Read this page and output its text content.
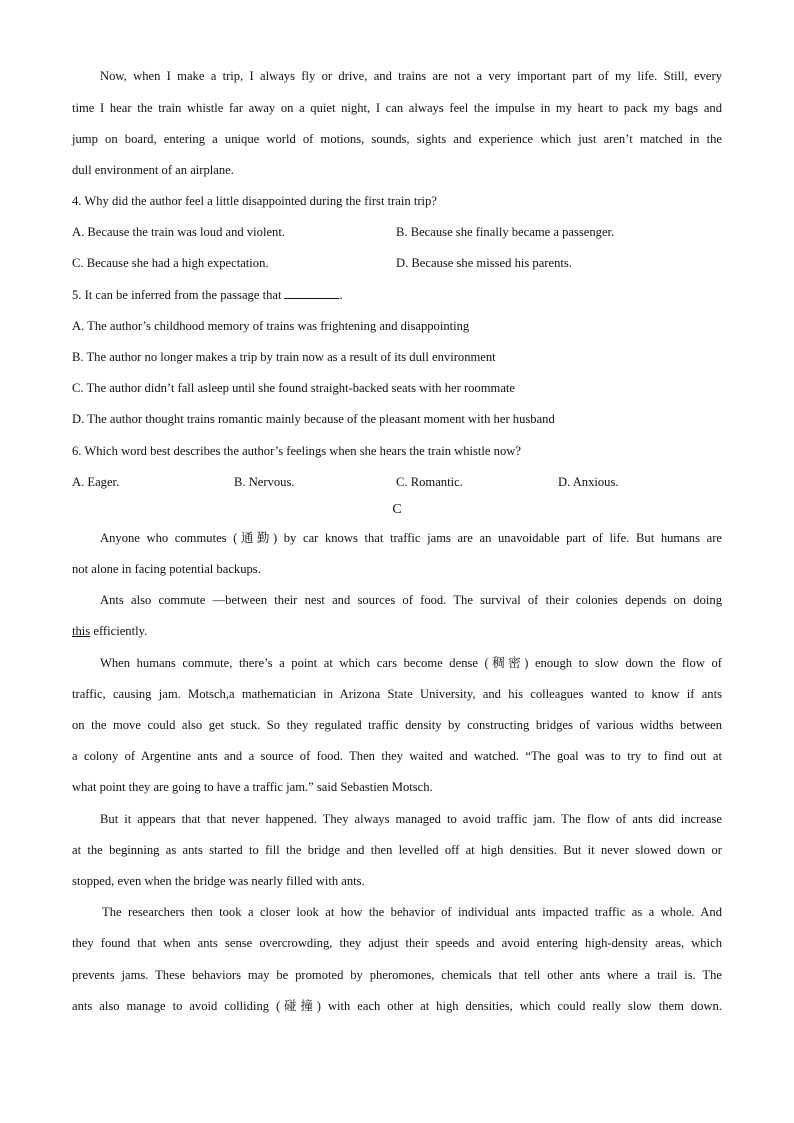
Now, when I make a trip, I always fly or drive, and trains are not a very important part of my life. Still, every
time I hear the train whistle far away on a quiet night, I can always feel the impulse in my heart to pack my bags and
jump on board, entering a unique world of motions, sounds, sights and experience which just aren’t matched in the
dull environment of an airplane.
4. Why did the author feel a little disappointed during the first train trip?
A. Because the train was loud and violent.	B. Because she finally became a passenger.
C. Because she had a high expectation.	D. Because she missed his parents.
5. It can be inferred from the passage that	.
A. The author’s childhood memory of trains was frightening and disappointing
B. The author no longer makes a trip by train now as a result of its dull environment
C. The author didn’t fall asleep until she found straight-backed seats with her roommate
D. The author thought trains romantic mainly because of the pleasant moment with her husband
6. Which word best describes the author’s feelings when she hears the train whistle now?
A. Eager.	B. Nervous.	C. Romantic.	D. Anxious.
C
Anyone who commutes (通勤) by car knows that traffic jams are an unavoidable part of life. But humans are
not alone in facing potential backups.
Ants also commute —between their nest and sources of food. The survival of their colonies depends on doing
this efficiently.
When humans commute, there’s a point at which cars become dense (稠密) enough to slow down the flow of
traffic, causing jam. Motsch,a mathematician in Arizona State University, and his colleagues wanted to know if ants
on the move could also get stuck. So they regulated traffic density by constructing bridges of various widths between
a colony of Argentine ants and a source of food. Then they waited and watched. “The goal was to try to find out at
what point they are going to have a traffic jam.” said Sebastien Motsch.
But it appears that that never happened. They always managed to avoid traffic jam. The flow of ants did increase
at the beginning as ants started to fill the bridge and then levelled off at high densities. But it never slowed down or
stopped, even when the bridge was nearly filled with ants.
The researchers then took a closer look at how the behavior of individual ants impacted traffic as a whole. And
they found that when ants sense overcrowding, they adjust their speeds and avoid entering high-density areas, which
prevents jams. These behaviors may be promoted by pheromones, chemicals that tell other ants where a trail is. The
ants also manage to avoid colliding (碰撞) with each other at high densities, which could really slow them down.
